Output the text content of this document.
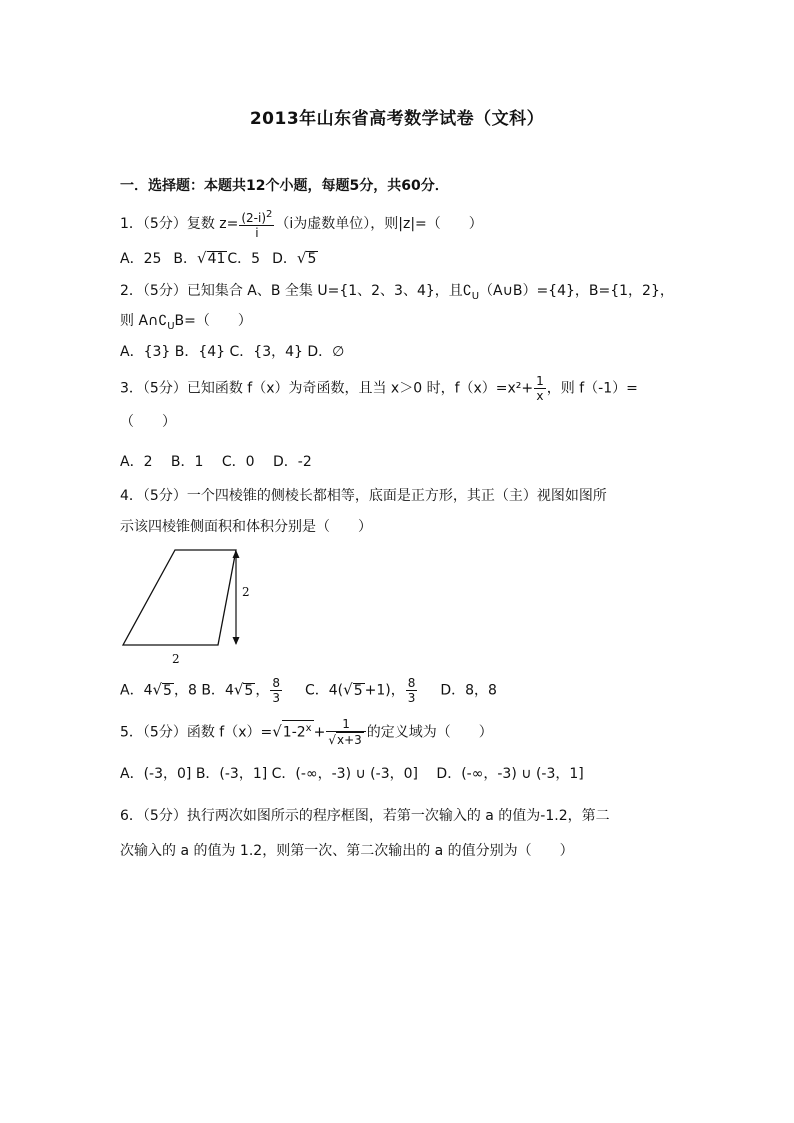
2013年山东省高考数学试卷（文科）
一．选择题：本题共12个小题，每题5分，共60分．
1．（5分）复数 $z= \frac{(2-i)^2}{i} (i$为虚数单位），则|z|=（　　）
A．25 B．√41 C．5 D．√5
2．（5分）已知集合 A、B 全集 U={1、2、3、4}，且$∁_U(A\cup B)=\{4\}$，B={1，2}，
则 $A\cap∁_UB=$（　　）
A．{3} B．{4} C．{3，4} D．∅
3．（5分）已知函数 f（x）为奇函数，且当 x＞0 时，$f(x)=x^2+ \frac{1}{x}$ ，则 f（-1）=
（　　）
A．2　 B．1　 C．0　 D．-2
4．（5分）一个四棱锥的侧棱长都相等，底面是正方形，其正（主）视图如图所
示该四棱锥侧面积和体积分别是（　　）
2
2
A．4√5 ，8 B．4√5 ， $\frac{8}{3}$ C．4(√5 +1)， $\frac{8}{3}$ D．8，8
5．（5分）函数 $f(x)=√1-2^x + \frac{1}{√x+3}$ 的定义域为（　　）
A．(-3，0] B．(-3，1] C．(-∞，-3) ∪ (-3，0]　 D．(-∞，-3) ∪ (-3，1]
6．（5分）执行两次如图所示的程序框图，若第一次输入的 a 的值为-1.2，第二
次输入的 a 的值为 1.2，则第一次、第二次输出的 a 的值分别为（　　）
